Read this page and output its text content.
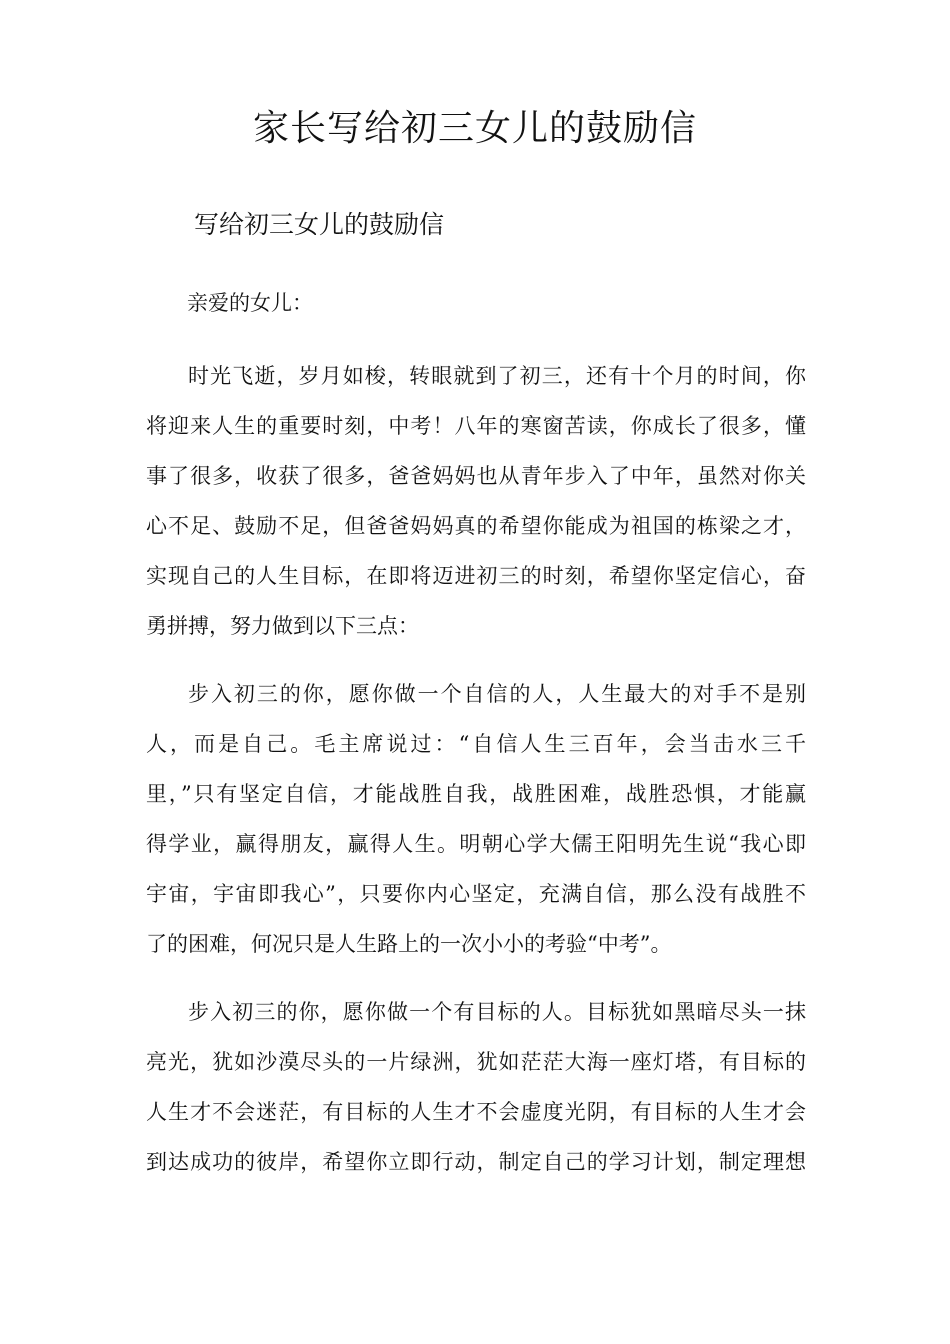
家长写给初三女儿的鼓励信
写给初三女儿的鼓励信

亲爱的女儿：

时光飞逝，岁月如梭，转眼就到了初三，还有十个月的时间，你
将迎来人生的重要时刻，中考！八年的寒窗苦读，你成长了很多，懂
事了很多，收获了很多，爸爸妈妈也从青年步入了中年，虽然对你关
心不足、鼓励不足，但爸爸妈妈真的希望你能成为祖国的栋梁之才，
实现自己的人生目标，在即将迈进初三的时刻，希望你坚定信心，奋
勇拼搏，努力做到以下三点：
步入初三的你，愿你做一个自信的人，人生最大的对手不是别
人，而是自己。毛主席说过：“自信人生三百年，会当击水三千
里，”只有坚定自信，才能战胜自我，战胜困难，战胜恐惧，才能赢
得学业，赢得朋友，赢得人生。明朝心学大儒王阳明先生说“我心即
宇宙，宇宙即我心”，只要你内心坚定，充满自信，那么没有战胜不
了的困难，何况只是人生路上的一次小小的考验“中考”。
步入初三的你，愿你做一个有目标的人。目标犹如黑暗尽头一抹
亮光，犹如沙漠尽头的一片绿洲，犹如茫茫大海一座灯塔，有目标的
人生才不会迷茫，有目标的人生才不会虚度光阴，有目标的人生才会
到达成功的彼岸，希望你立即行动，制定自己的学习计划，制定理想
